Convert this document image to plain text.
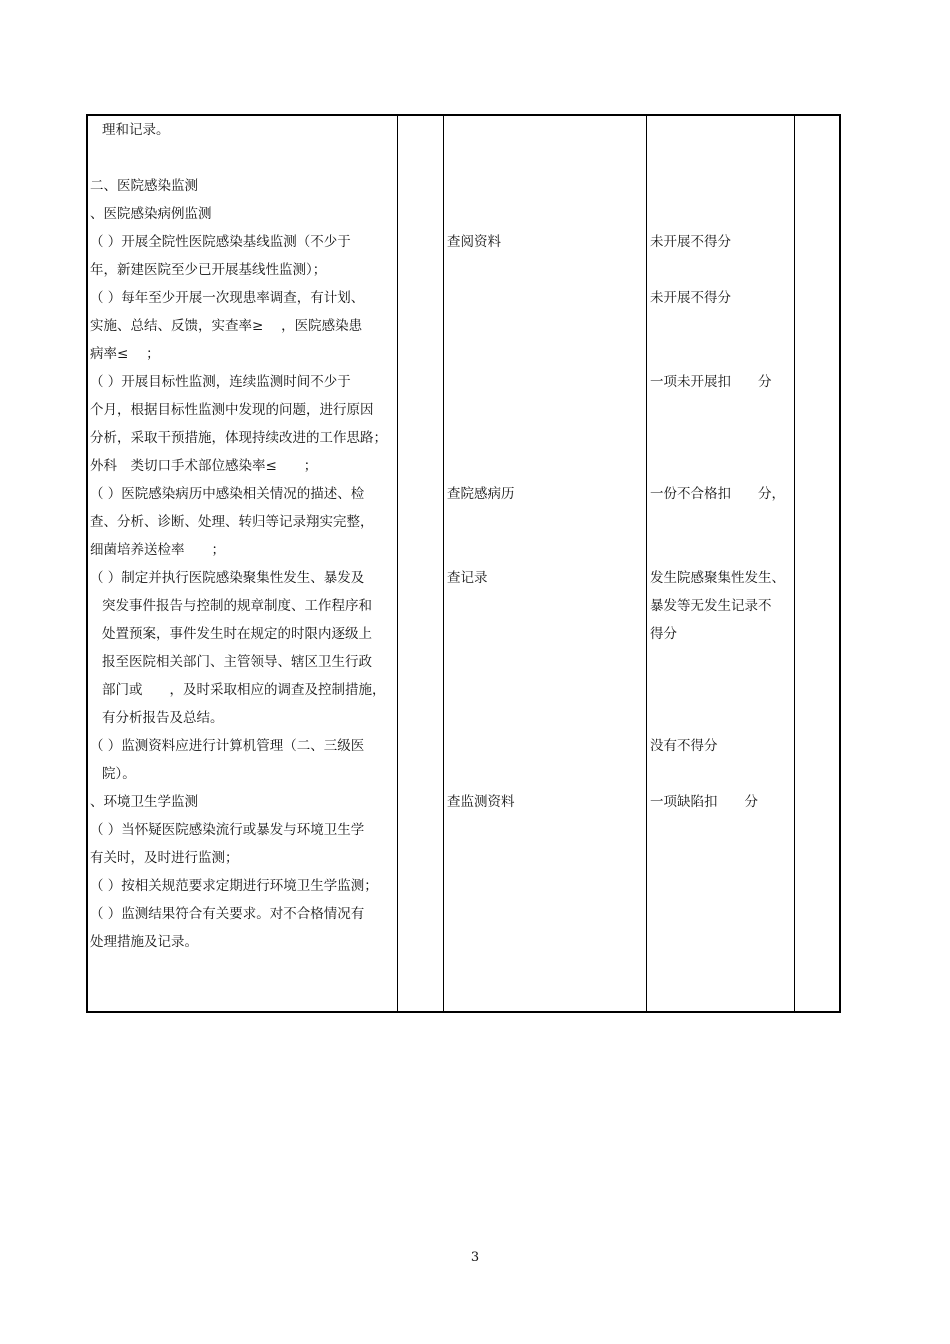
理和记录。
二、医院感染监测
、医院感染病例监测
（ ）开展全院性医院感染基线监测（不少于
年，新建医院至少已开展基线性监测）；
（ ）每年至少开展一次现患率调查，有计划、
实施、总结、反馈，实查率≥　 ，医院感染患
病率≤　 ；
（ ）开展目标性监测，连续监测时间不少于
个月，根据目标性监测中发现的问题，进行原因
分析，采取干预措施，体现持续改进的工作思路；
外科　类切口手术部位感染率≤　　；
（ ）医院感染病历中感染相关情况的描述、检
查、分析、诊断、处理、转归等记录翔实完整，
细菌培养送检率　　；
（ ）制定并执行医院感染聚集性发生、暴发及
突发事件报告与控制的规章制度、工作程序和
处置预案，事件发生时在规定的时限内逐级上
报至医院相关部门、主管领导、辖区卫生行政
部门或　　，及时采取相应的调查及控制措施，
有分析报告及总结。
（ ）监测资料应进行计算机管理（二、三级医
院）。
、环境卫生学监测
（ ）当怀疑医院感染流行或暴发与环境卫生学
有关时，及时进行监测；
（ ）按相关规范要求定期进行环境卫生学监测；
（ ）监测结果符合有关要求。对不合格情况有
处理措施及记录。
查阅资料
查院感病历
查记录
查监测资料
未开展不得分
未开展不得分
一项未开展扣　　分
一份不合格扣　　分，
发生院感聚集性发生、
暴发等无发生记录不
得分
没有不得分
一项缺陷扣　　分
3
